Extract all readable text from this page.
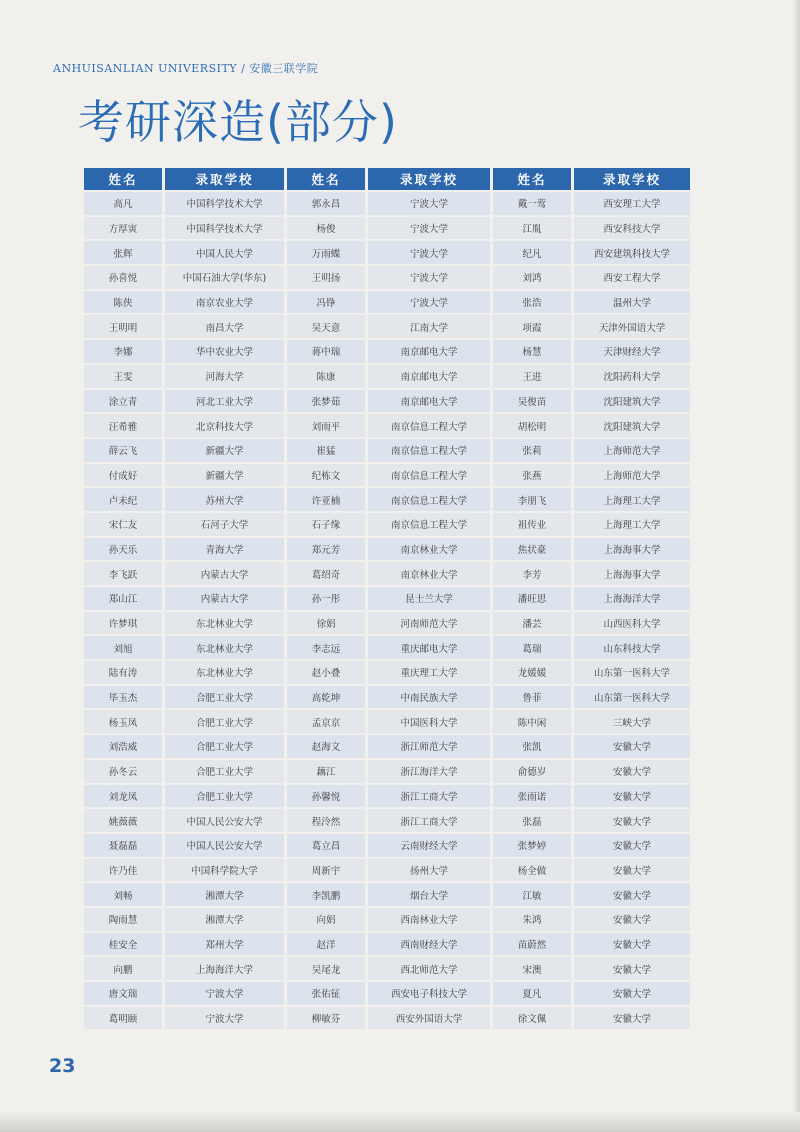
ANHUISANLIAN UNIVERSITY / 安徽三联学院
考研深造(部分)
姓名	录取学校	姓名	录取学校	姓名	录取学校
高凡	中国科学技术大学	郭永昌	宁波大学	戴一莺	西安理工大学
方厚寅	中国科学技术大学	杨俊	宁波大学	江胤	西安科技大学
张辉	中国人民大学	万雨蝶	宁波大学	纪凡	西安建筑科技大学
孙喜悦	中国石油大学(华东)	王明扬	宁波大学	刘鸿	西安工程大学
陈侠	南京农业大学	冯铮	宁波大学	张浩	温州大学
王明明	南昌大学	吴天意	江南大学	项霞	天津外国语大学
李娜	华中农业大学	蒋中瑞	南京邮电大学	杨慧	天津财经大学
王雯	河海大学	陈康	南京邮电大学	王进	沈阳药科大学
涂立青	河北工业大学	张梦茹	南京邮电大学	吴俊苗	沈阳建筑大学
汪希雅	北京科技大学	刘雨平	南京信息工程大学	胡松明	沈阳建筑大学
薛云飞	新疆大学	崔猛	南京信息工程大学	张莉	上海师范大学
付成好	新疆大学	纪栋文	南京信息工程大学	张燕	上海师范大学
卢未纪	苏州大学	许亚楠	南京信息工程大学	李朋飞	上海理工大学
宋仁友	石河子大学	石子缘	南京信息工程大学	祖传业	上海理工大学
孙天乐	青海大学	郑元芳	南京林业大学	焦状豪	上海海事大学
李飞跃	内蒙古大学	葛绍奇	南京林业大学	李芳	上海海事大学
郑山江	内蒙古大学	孙一彤	昆士兰大学	潘旺思	上海海洋大学
许梦琪	东北林业大学	徐娟	河南师范大学	潘芸	山西医科大学
刘旭	东北林业大学	李志远	重庆邮电大学	葛瑞	山东科技大学
陆有涛	东北林业大学	赵小叠	重庆理工大学	龙媛媛	山东第一医科大学
毕玉杰	合肥工业大学	高乾坤	中南民族大学	鲁菲	山东第一医科大学
杨玉凤	合肥工业大学	孟京京	中国医科大学	陈中闲	三峡大学
刘浩威	合肥工业大学	赵海文	浙江师范大学	张凯	安徽大学
孙冬云	合肥工业大学	藕江	浙江海洋大学	俞德岁	安徽大学
刘龙凤	合肥工业大学	孙馨悦	浙江工商大学	张雨诺	安徽大学
姚薇薇	中国人民公安大学	程泠然	浙江工商大学	张磊	安徽大学
聂磊磊	中国人民公安大学	葛立昌	云南财经大学	张梦婷	安徽大学
许乃佳	中国科学院大学	周新宇	扬州大学	杨全做	安徽大学
刘畅	湘潭大学	李凯鹏	烟台大学	江敏	安徽大学
陶雨慧	湘潭大学	向娟	西南林业大学	朱鸿	安徽大学
桂安全	郑州大学	赵洋	西南财经大学	苗蔚然	安徽大学
向鹏	上海海洋大学	吴尾龙	西北师范大学	宋澳	安徽大学
唐文瑞	宁波大学	张佑钲	西安电子科技大学	夏凡	安徽大学
葛明颐	宁波大学	柳敏芬	西安外国语大学	徐文佩	安徽大学
23
